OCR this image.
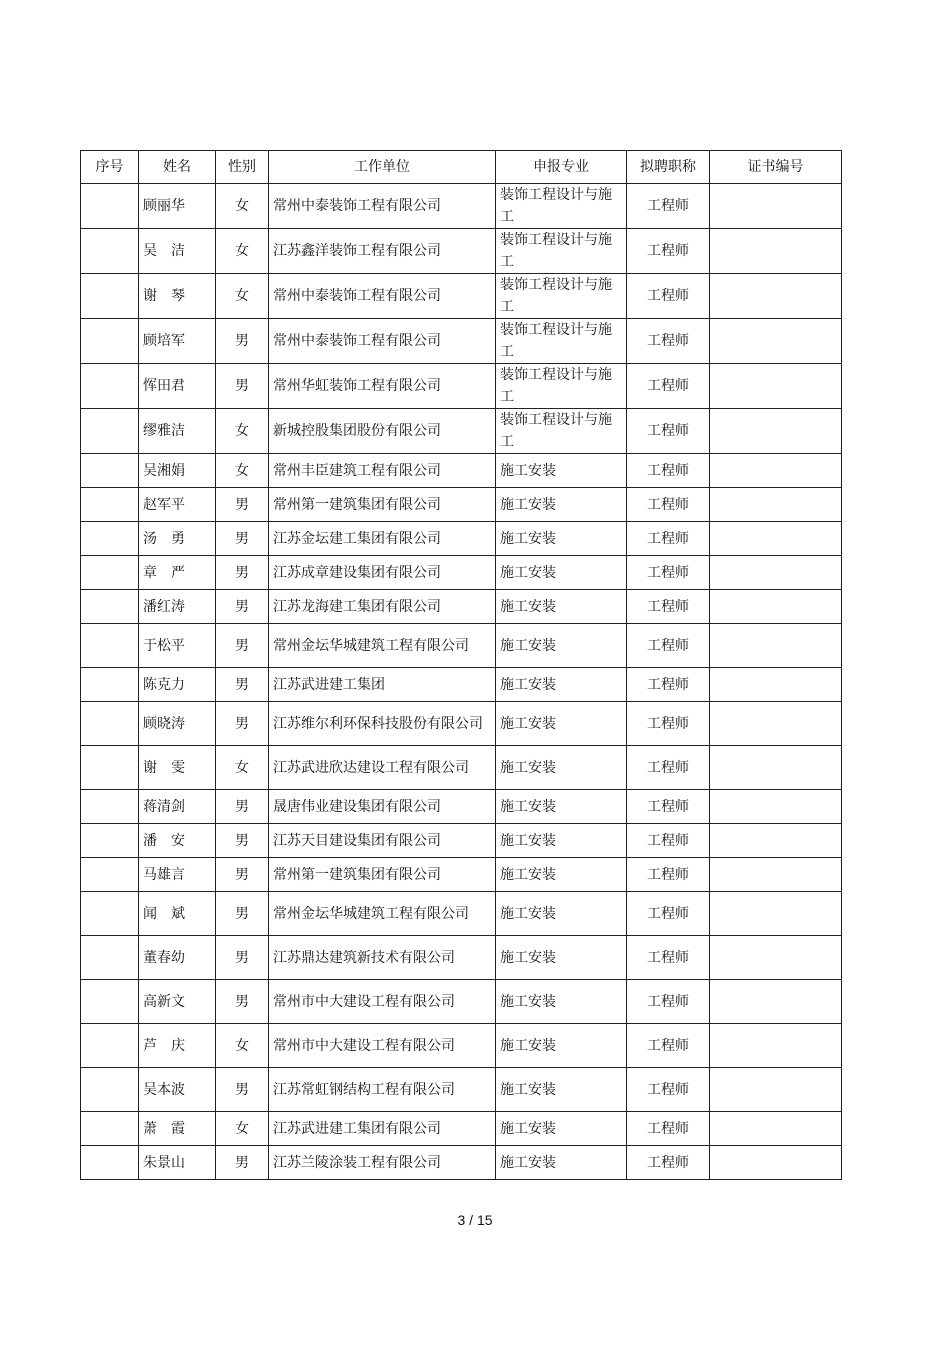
序号	姓名	性别	工作单位	申报专业	拟聘职称	证书编号
	顾丽华	女	常州中泰装饰工程有限公司	装饰工程设计与施工	工程师	
	吴　洁	女	江苏鑫洋装饰工程有限公司	装饰工程设计与施工	工程师	
	谢　琴	女	常州中泰装饰工程有限公司	装饰工程设计与施工	工程师	
	顾培军	男	常州中泰装饰工程有限公司	装饰工程设计与施工	工程师	
	恽田君	男	常州华虹装饰工程有限公司	装饰工程设计与施工	工程师	
	缪雅洁	女	新城控股集团股份有限公司	装饰工程设计与施工	工程师	
	吴湘娟	女	常州丰臣建筑工程有限公司	施工安装	工程师	
	赵军平	男	常州第一建筑集团有限公司	施工安装	工程师	
	汤　勇	男	江苏金坛建工集团有限公司	施工安装	工程师	
	章　严	男	江苏成章建设集团有限公司	施工安装	工程师	
	潘红涛	男	江苏龙海建工集团有限公司	施工安装	工程师	
	于松平	男	常州金坛华城建筑工程有限公司	施工安装	工程师	
	陈克力	男	江苏武进建工集团	施工安装	工程师	
	顾晓涛	男	江苏维尔利环保科技股份有限公司	施工安装	工程师	
	谢　雯	女	江苏武进欣达建设工程有限公司	施工安装	工程师	
	蒋清剑	男	晟唐伟业建设集团有限公司	施工安装	工程师	
	潘　安	男	江苏天目建设集团有限公司	施工安装	工程师	
	马雄言	男	常州第一建筑集团有限公司	施工安装	工程师	
	闻　斌	男	常州金坛华城建筑工程有限公司	施工安装	工程师	
	董春幼	男	江苏鼎达建筑新技术有限公司	施工安装	工程师	
	高新文	男	常州市中大建设工程有限公司	施工安装	工程师	
	芦　庆	女	常州市中大建设工程有限公司	施工安装	工程师	
	吴本波	男	江苏常虹钢结构工程有限公司	施工安装	工程师	
	萧　霞	女	江苏武进建工集团有限公司	施工安装	工程师	
	朱景山	男	江苏兰陵涂装工程有限公司	施工安装	工程师	
3 / 15
